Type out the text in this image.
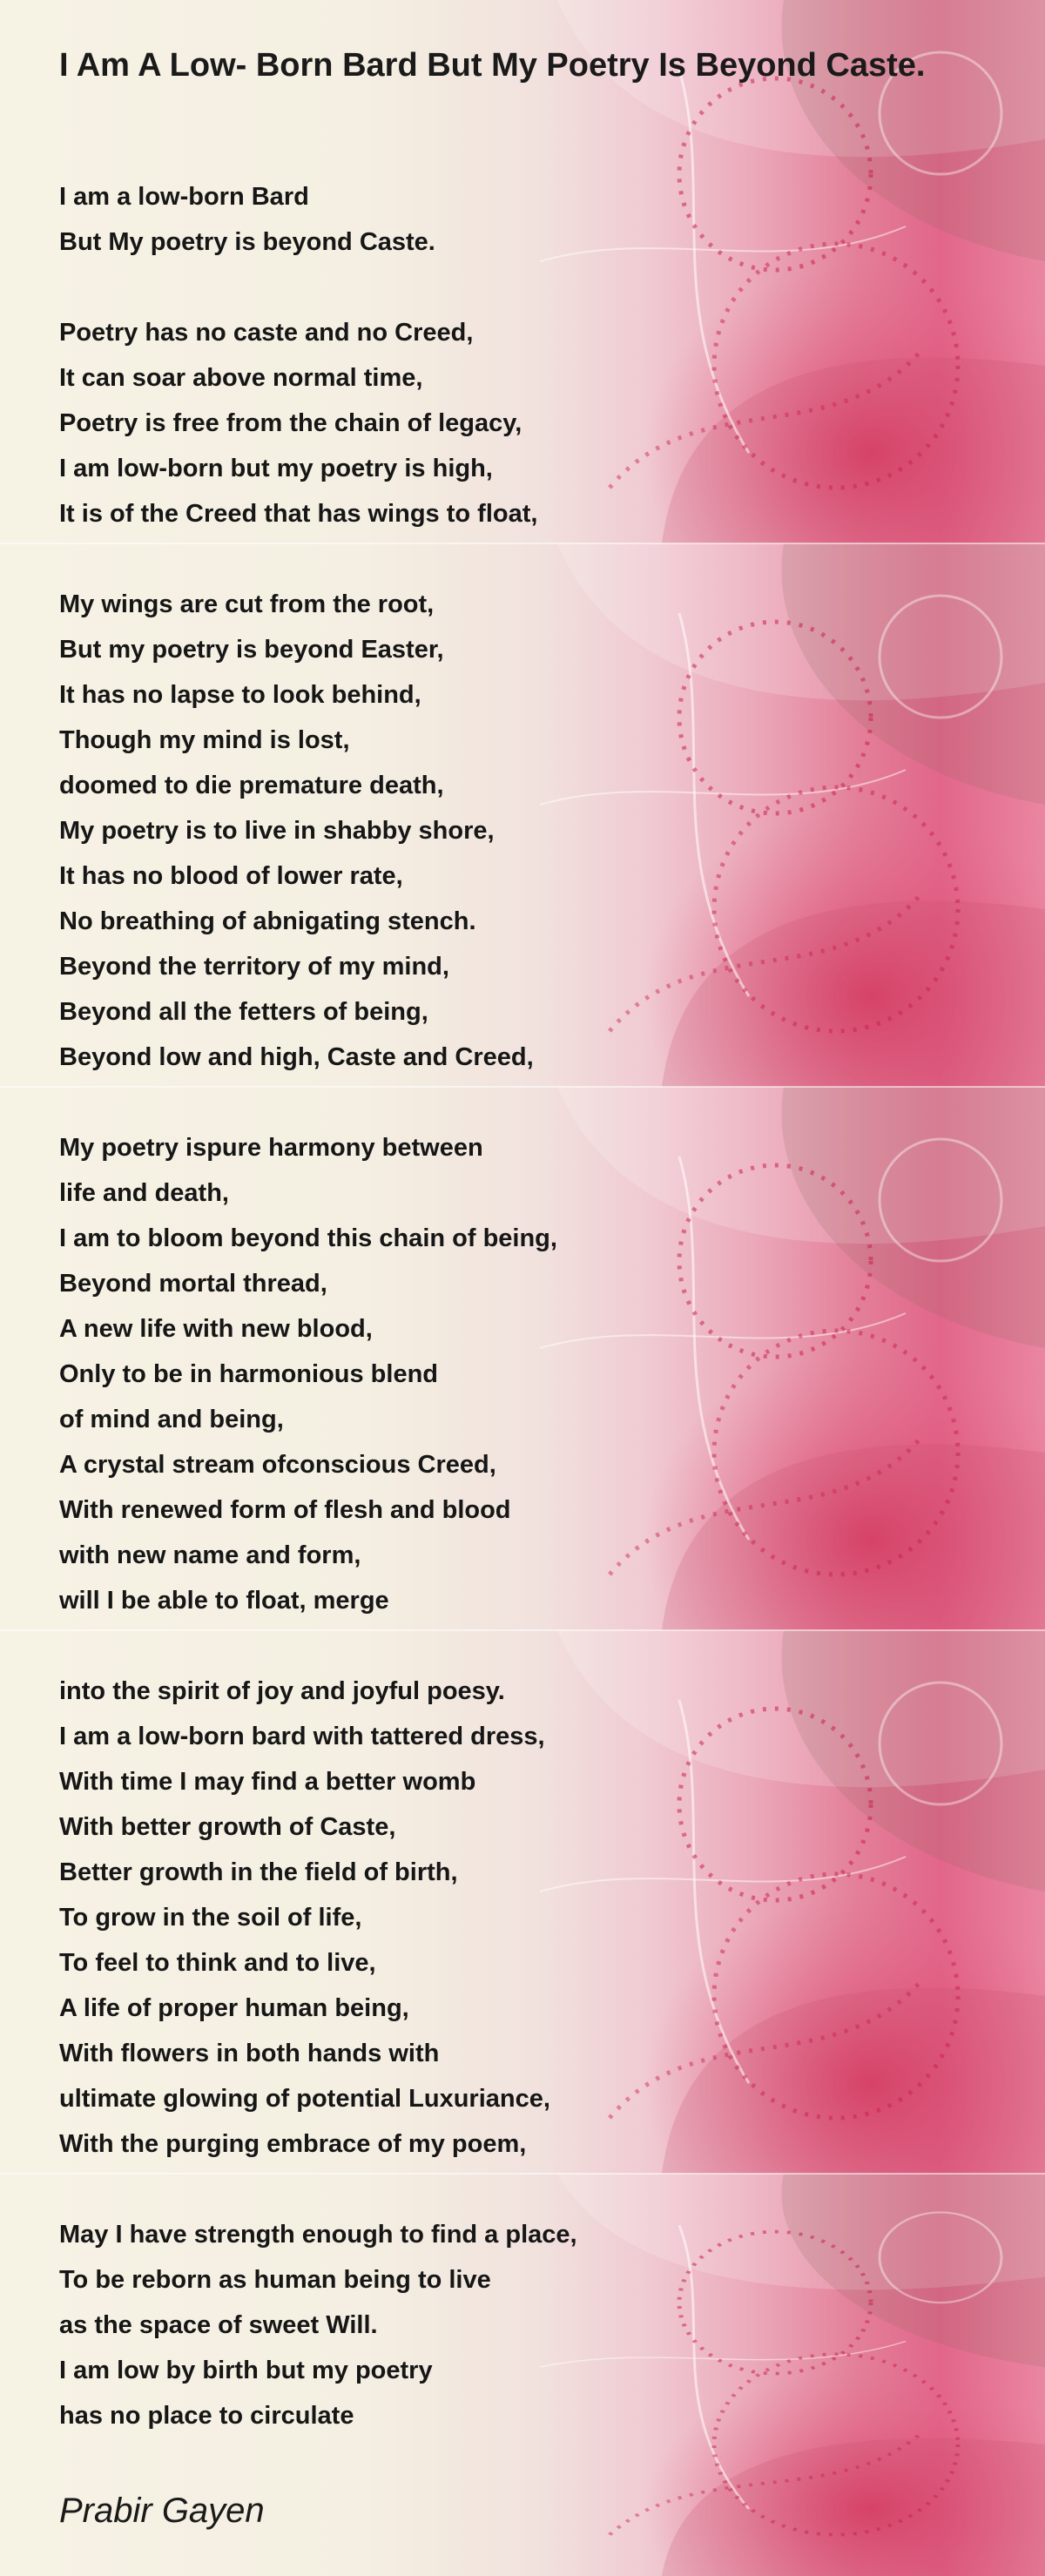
I Am A Low- Born Bard But My Poetry Is Beyond Caste.

I am a low-born Bard

But My poetry is beyond Caste.

Poetry has no caste and no Creed,

It can soar above normal time,

Poetry is free from the chain of legacy,

I am low-born but my poetry is high,

It is of the Creed that has wings to float,

My wings are cut from the root,

But my poetry is beyond Easter,

It has no lapse to look behind,

Though my mind is lost,

doomed to die premature death,

My poetry is to live in shabby shore,

It has no blood of lower rate,

No breathing of abnigating stench.

Beyond the territory of my mind,

Beyond all the fetters of being,

Beyond low and high, Caste and Creed,

My poetry ispure harmony between

life and death,

I am to bloom beyond this chain of being,

Beyond mortal thread,

A new life with new blood,

Only to be in harmonious blend

of mind and being,

A crystal stream ofconscious Creed,

With renewed form of flesh and blood

with new name and form,

will I be able to float, merge

into the spirit of joy and joyful poesy.

I am a low-born bard with tattered dress,

With time I may find a better womb

With better growth of Caste,

Better growth in the field of birth,

To grow in the soil of life,

To feel to think and to live,

A life of proper human being,

With flowers in both hands with

ultimate glowing of potential Luxuriance,

With the purging embrace of my poem,

May I have strength enough to find a place,

To be reborn as human being to live

as the space of sweet Will.

I am low by birth but my poetry

has no place to circulate

Prabir Gayen
